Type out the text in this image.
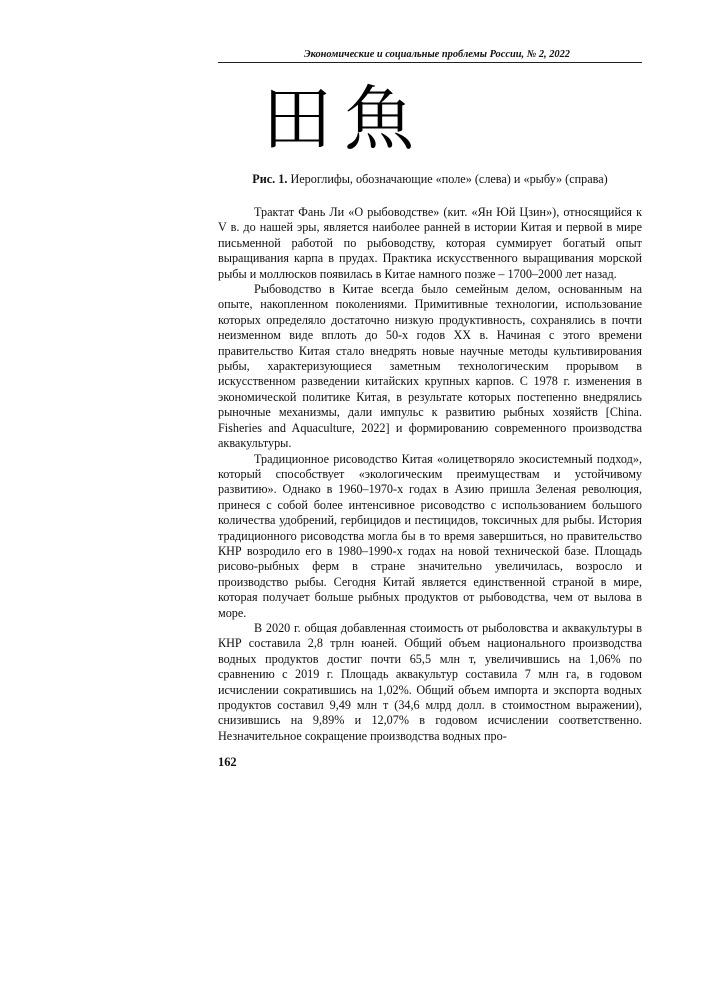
Экономические и социальные проблемы России, № 2, 2022
田 魚
Рис. 1. Иероглифы, обозначающие «поле» (слева) и «рыбу» (справа)

Трактат Фань Ли «О рыбоводстве» (кит. «Ян Юй Цзин»), относящийся к V в. до нашей эры, является наиболее ранней в истории Китая и первой в мире письменной работой по рыбоводству, которая суммирует богатый опыт выращивания карпа в прудах. Практика искусственного выращивания морской рыбы и моллюсков появилась в Китае намного позже – 1700–2000 лет назад.

Рыбоводство в Китае всегда было семейным делом, основанным на опыте, накопленном поколениями. Примитивные технологии, использование которых определяло достаточно низкую продуктивность, сохранялись в почти неизменном виде вплоть до 50-х годов XX в. Начиная с этого времени правительство Китая стало внедрять новые научные методы культивирования рыбы, характеризующиеся заметным технологическим прорывом в искусственном разведении китайских крупных карпов. С 1978 г. изменения в экономической политике Китая, в результате которых постепенно внедрялись рыночные механизмы, дали импульс к развитию рыбных хозяйств [China. Fisheries and Aquaculture, 2022] и формированию современного производства аквакультуры.

Традиционное рисоводство Китая «олицетворяло экосистемный подход», который способствует «экологическим преимуществам и устойчивому развитию». Однако в 1960–1970-х годах в Азию пришла Зеленая революция, принеся с собой более интенсивное рисоводство с использованием большого количества удобрений, гербицидов и пестицидов, токсичных для рыбы. История традиционного рисоводства могла бы в то время завершиться, но правительство КНР возродило его в 1980–1990-х годах на новой технической базе. Площадь рисово-рыбных ферм в стране значительно увеличилась, возросло и производство рыбы. Сегодня Китай является единственной страной в мире, которая получает больше рыбных продуктов от рыбоводства, чем от вылова в море.

В 2020 г. общая добавленная стоимость от рыболовства и аквакультуры в КНР составила 2,8 трлн юаней. Общий объем национального производства водных продуктов достиг почти 65,5 млн т, увеличившись на 1,06% по сравнению с 2019 г. Площадь аквакультур составила 7 млн га, в годовом исчислении сократившись на 1,02%. Общий объем импорта и экспорта водных продуктов составил 9,49 млн т (34,6 млрд долл. в стоимостном выражении), снизившись на 9,89% и 12,07% в годовом исчислении соответственно. Незначительное сокращение производства водных про-

162
